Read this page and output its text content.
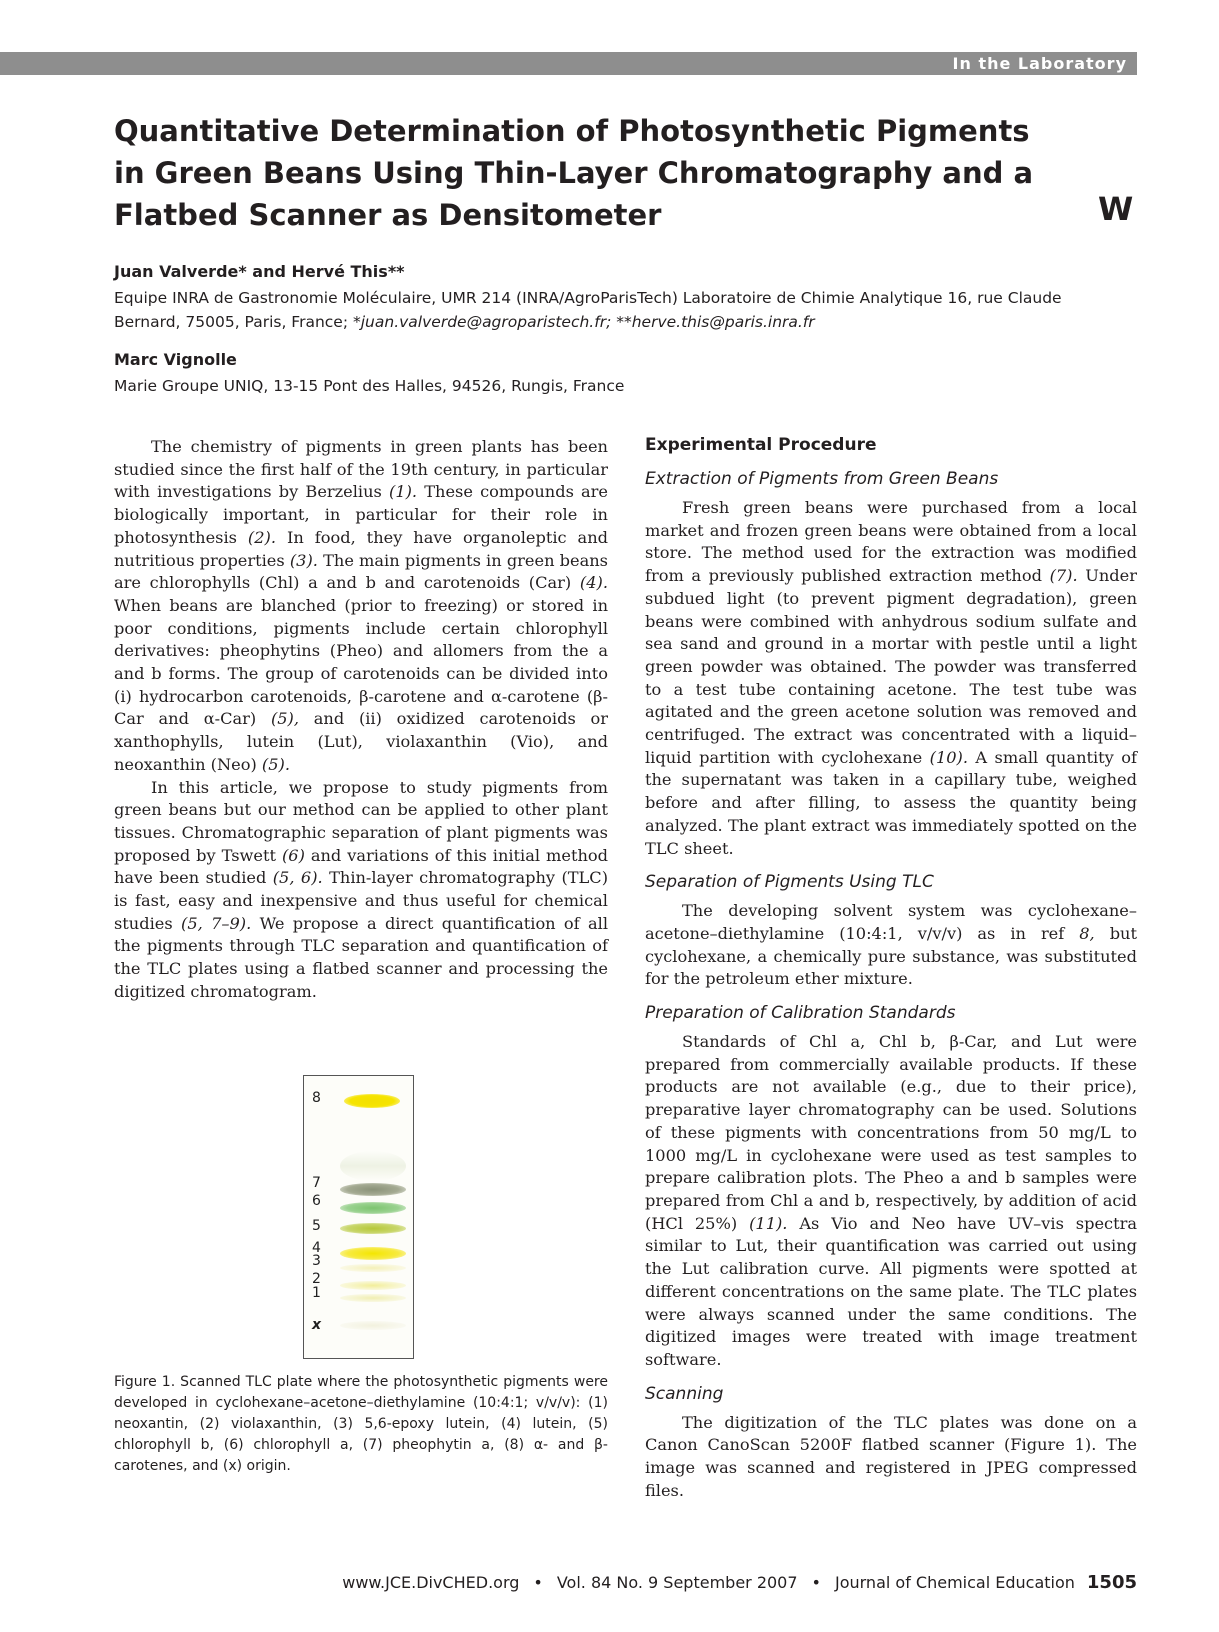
In the Laboratory
Quantitative Determination of Photosynthetic Pigments in Green Beans Using Thin-Layer Chromatography and a Flatbed Scanner as Densitometer	W

Juan Valverde* and Hervé This**

Equipe INRA de Gastronomie Moléculaire, UMR 214 (INRA/AgroParisTech) Laboratoire de Chimie Analytique 16, rue Claude Bernard, 75005, Paris, France; *juan.valverde@agroparistech.fr; **herve.this@paris.inra.fr

Marc Vignolle

Marie Groupe UNIQ, 13-15 Pont des Halles, 94526, Rungis, France

The chemistry of pigments in green plants has been studied since the first half of the 19th century, in particular with investigations by Berzelius (1). These compounds are biologically important, in particular for their role in photosynthesis (2). In food, they have organoleptic and nutritious properties (3). The main pigments in green beans are chlorophylls (Chl) a and b and carotenoids (Car) (4). When beans are blanched (prior to freezing) or stored in poor conditions, pigments include certain chlorophyll derivatives: pheophytins (Pheo) and allomers from the a and b forms. The group of carotenoids can be divided into (i) hydrocarbon carotenoids, β-carotene and α-carotene (β-Car and α-Car) (5), and (ii) oxidized carotenoids or xanthophylls, lutein (Lut), violaxanthin (Vio), and neoxanthin (Neo) (5).

In this article, we propose to study pigments from green beans but our method can be applied to other plant tissues. Chromatographic separation of plant pigments was proposed by Tswett (6) and variations of this initial method have been studied (5, 6). Thin-layer chromatography (TLC) is fast, easy and inexpensive and thus useful for chemical studies (5, 7–9). We propose a direct quantification of all the pigments through TLC separation and quantification of the TLC plates using a flatbed scanner and processing the digitized chromatogram.

8
7
6
5
4
3
2
1
x

Figure 1. Scanned TLC plate where the photosynthetic pigments were developed in cyclohexane–acetone–diethylamine (10:4:1; v/v/v): (1) neoxantin, (2) violaxanthin, (3) 5,6-epoxy lutein, (4) lutein, (5) chlorophyll b, (6) chlorophyll a, (7) pheophytin a, (8) α- and β-carotenes, and (x) origin.

Experimental Procedure
Extraction of Pigments from Green Beans

Fresh green beans were purchased from a local market and frozen green beans were obtained from a local store. The method used for the extraction was modified from a previously published extraction method (7). Under subdued light (to prevent pigment degradation), green beans were combined with anhydrous sodium sulfate and sea sand and ground in a mortar with pestle until a light green powder was obtained. The powder was transferred to a test tube containing acetone. The test tube was agitated and the green acetone solution was removed and centrifuged. The extract was concentrated with a liquid–liquid partition with cyclohexane (10). A small quantity of the supernatant was taken in a capillary tube, weighed before and after filling, to assess the quantity being analyzed. The plant extract was immediately spotted on the TLC sheet.

Separation of Pigments Using TLC

The developing solvent system was cyclohexane–acetone–diethylamine (10:4:1, v/v/v) as in ref 8, but cyclohexane, a chemically pure substance, was substituted for the petroleum ether mixture.

Preparation of Calibration Standards

Standards of Chl a, Chl b, β-Car, and Lut were prepared from commercially available products. If these products are not available (e.g., due to their price), preparative layer chromatography can be used. Solutions of these pigments with concentrations from 50 mg/L to 1000 mg/L in cyclohexane were used as test samples to prepare calibration plots. The Pheo a and b samples were prepared from Chl a and b, respectively, by addition of acid (HCl 25%) (11). As Vio and Neo have UV–vis spectra similar to Lut, their quantification was carried out using the Lut calibration curve. All pigments were spotted at different concentrations on the same plate. The TLC plates were always scanned under the same conditions. The digitized images were treated with image treatment software.

Scanning

The digitization of the TLC plates was done on a Canon CanoScan 5200F flatbed scanner (Figure 1). The image was scanned and registered in JPEG compressed files.

www.JCE.DivCHED.org • Vol. 84 No. 9 September 2007 • Journal of Chemical Education 1505
